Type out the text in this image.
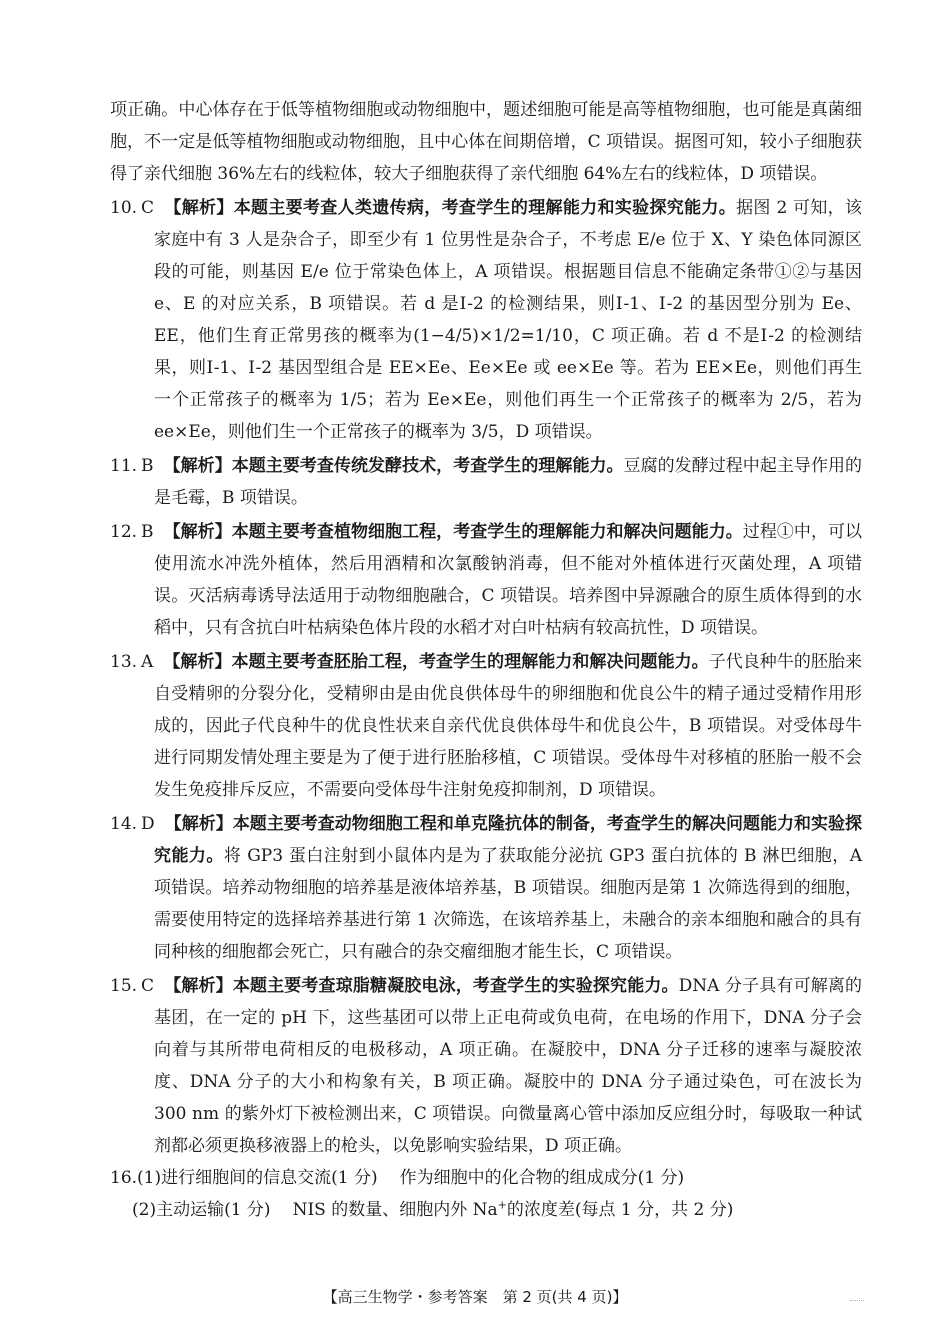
项正确。中心体存在于低等植物细胞或动物细胞中，题述细胞可能是高等植物细胞，也可能是真菌细胞，不一定是低等植物细胞或动物细胞，且中心体在间期倍增，C 项错误。据图可知，较小子细胞获得了亲代细胞 36%左右的线粒体，较大子细胞获得了亲代细胞 64%左右的线粒体，D 项错误。

10. C 【解析】本题主要考查人类遗传病，考查学生的理解能力和实验探究能力。据图 2 可知，该家庭中有 3 人是杂合子，即至少有 1 位男性是杂合子，不考虑 E/e 位于 X、Y 染色体同源区段的可能，则基因 E/e 位于常染色体上，A 项错误。根据题目信息不能确定条带①②与基因 e、E 的对应关系，B 项错误。若 d 是Ⅰ-2 的检测结果，则Ⅰ-1、Ⅰ-2 的基因型分别为 Ee、EE，他们生育正常男孩的概率为(1−4/5)×1/2=1/10，C 项正确。若 d 不是Ⅰ-2 的检测结果，则Ⅰ-1、Ⅰ-2 基因型组合是 EE×Ee、Ee×Ee 或 ee×Ee 等。若为 EE×Ee，则他们再生一个正常孩子的概率为 1/5；若为 Ee×Ee，则他们再生一个正常孩子的概率为 2/5，若为 ee×Ee，则他们生一个正常孩子的概率为 3/5，D 项错误。

11. B 【解析】本题主要考查传统发酵技术，考查学生的理解能力。豆腐的发酵过程中起主导作用的是毛霉，B 项错误。

12. B 【解析】本题主要考查植物细胞工程，考查学生的理解能力和解决问题能力。过程①中，可以使用流水冲洗外植体，然后用酒精和次氯酸钠消毒，但不能对外植体进行灭菌处理，A 项错误。灭活病毒诱导法适用于动物细胞融合，C 项错误。培养图中异源融合的原生质体得到的水稻中，只有含抗白叶枯病染色体片段的水稻才对白叶枯病有较高抗性，D 项错误。

13. A 【解析】本题主要考查胚胎工程，考查学生的理解能力和解决问题能力。子代良种牛的胚胎来自受精卵的分裂分化，受精卵由是由优良供体母牛的卵细胞和优良公牛的精子通过受精作用形成的，因此子代良种牛的优良性状来自亲代优良供体母牛和优良公牛，B 项错误。对受体母牛进行同期发情处理主要是为了便于进行胚胎移植，C 项错误。受体母牛对移植的胚胎一般不会发生免疫排斥反应，不需要向受体母牛注射免疫抑制剂，D 项错误。

14. D 【解析】本题主要考查动物细胞工程和单克隆抗体的制备，考查学生的解决问题能力和实验探究能力。将 GP3 蛋白注射到小鼠体内是为了获取能分泌抗 GP3 蛋白抗体的 B 淋巴细胞，A 项错误。培养动物细胞的培养基是液体培养基，B 项错误。细胞丙是第 1 次筛选得到的细胞，需要使用特定的选择培养基进行第 1 次筛选，在该培养基上，未融合的亲本细胞和融合的具有同种核的细胞都会死亡，只有融合的杂交瘤细胞才能生长，C 项错误。

15. C 【解析】本题主要考查琼脂糖凝胶电泳，考查学生的实验探究能力。DNA 分子具有可解离的基团，在一定的 pH 下，这些基团可以带上正电荷或负电荷，在电场的作用下，DNA 分子会向着与其所带电荷相反的电极移动，A 项正确。在凝胶中，DNA 分子迁移的速率与凝胶浓度、DNA 分子的大小和构象有关，B 项正确。凝胶中的 DNA 分子通过染色，可在波长为 300 nm 的紫外灯下被检测出来，C 项错误。向微量离心管中添加反应组分时，每吸取一种试剂都必须更换移液器上的枪头，以免影响实验结果，D 项正确。

16.(1)进行细胞间的信息交流(1 分) 作为细胞中的化合物的组成成分(1 分)

(2)主动运输(1 分) NIS 的数量、细胞内外 Na+的浓度差(每点 1 分，共 2 分)

【高三生物学・参考答案　第 2 页(共 4 页)】
